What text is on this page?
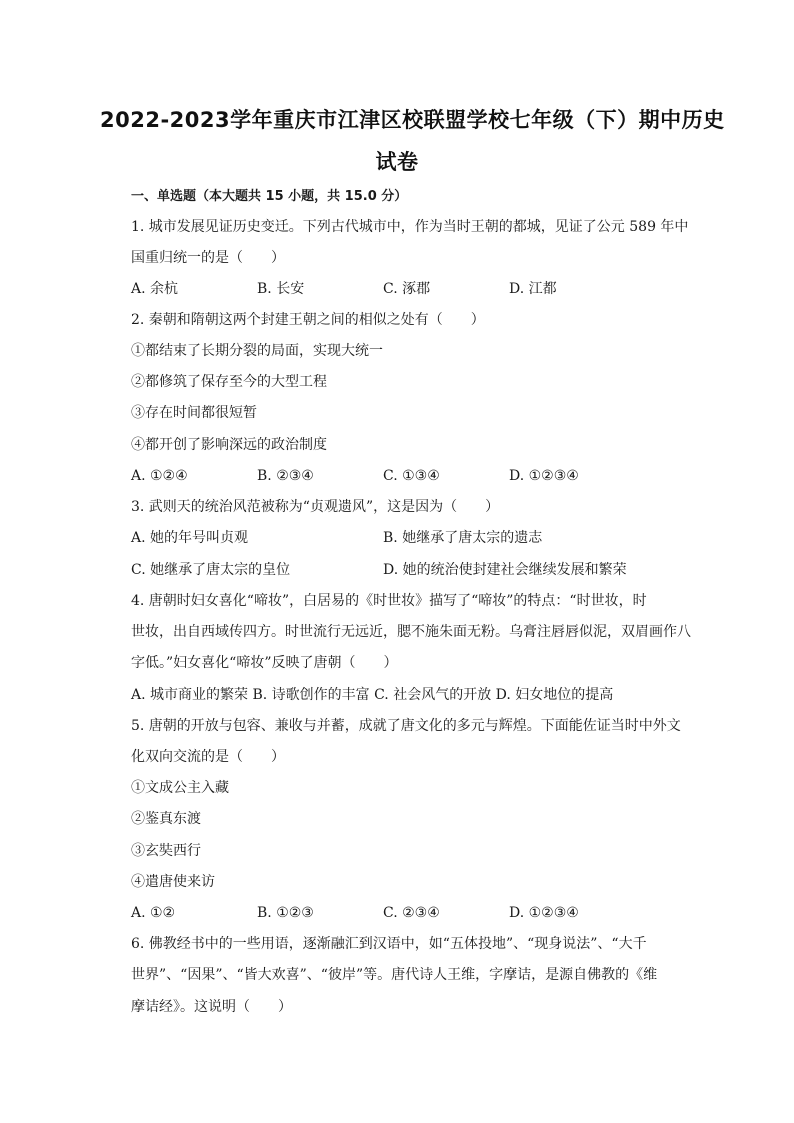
2022-2023学年重庆市江津区校联盟学校七年级（下）期中历史
试卷
一、单选题（本大题共 15 小题，共 15.0 分）
1. 城市发展见证历史变迁。下列古代城市中，作为当时王朝的都城，见证了公元 589 年中
国重归统一的是（　　）
A. 余杭	B. 长安	C. 涿郡	D. 江都
2. 秦朝和隋朝这两个封建王朝之间的相似之处有（　　）
①都结束了长期分裂的局面，实现大统一
②都修筑了保存至今的大型工程
③存在时间都很短暂
④都开创了影响深远的政治制度
A. ①②④	B. ②③④	C. ①③④	D. ①②③④
3. 武则天的统治风范被称为“贞观遗风”，这是因为（　　）
A. 她的年号叫贞观	B. 她继承了唐太宗的遗志
C. 她继承了唐太宗的皇位	D. 她的统治使封建社会继续发展和繁荣
4. 唐朝时妇女喜化“啼妆”，白居易的《时世妆》描写了“啼妆”的特点：“时世妆，时
世妆，出自西域传四方。时世流行无远近，腮不施朱面无粉。乌膏注唇唇似泥，双眉画作八
字低。”妇女喜化“啼妆”反映了唐朝（　　）
A. 城市商业的繁荣 B. 诗歌创作的丰富 C. 社会风气的开放 D. 妇女地位的提高
5. 唐朝的开放与包容、兼收与并蓄，成就了唐文化的多元与辉煌。下面能佐证当时中外文
化双向交流的是（　　）
①文成公主入藏
②鉴真东渡
③玄奘西行
④遣唐使来访
A. ①②	B. ①②③	C. ②③④	D. ①②③④
6. 佛教经书中的一些用语，逐渐融汇到汉语中，如“五体投地”、“现身说法”、“大千
世界”、“因果”、“皆大欢喜”、“彼岸”等。唐代诗人王维，字摩诘，是源自佛教的《维
摩诘经》。这说明（　　）
